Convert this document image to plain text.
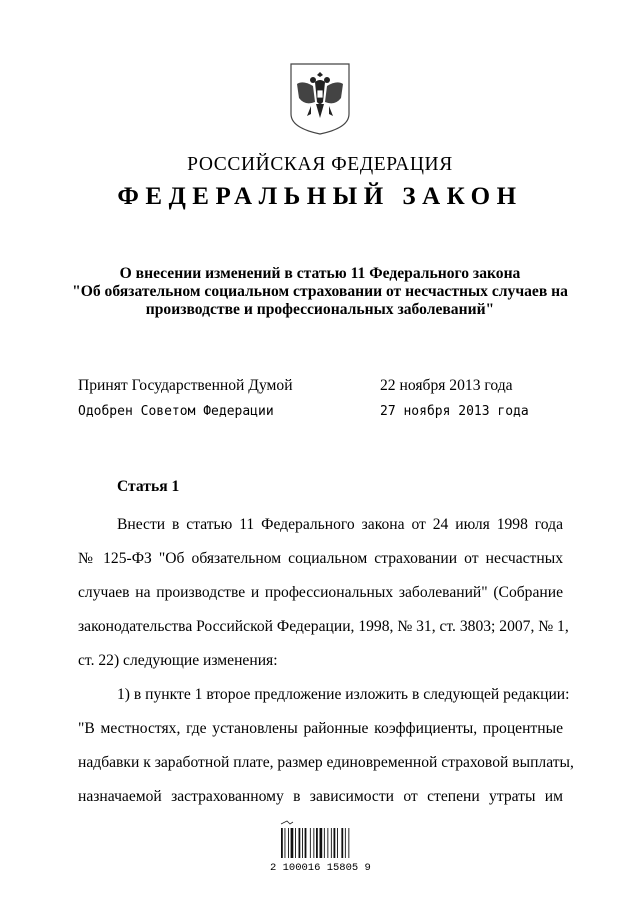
РОССИЙСКАЯ ФЕДЕРАЦИЯ
ФЕДЕРАЛЬНЫЙ ЗАКОН
О внесении изменений в статью 11 Федерального закона
"Об обязательном социальном страховании от несчастных случаев на
производстве и профессиональных заболеваний"
Принят Государственной Думой	22 ноября 2013 года
Одобрен Советом Федерации	27 ноября 2013 года
Статья 1
Внести в статью 11 Федерального закона от 24 июля 1998 года
№ 125-ФЗ "Об обязательном социальном страховании от несчастных
случаев на производстве и профессиональных заболеваний" (Собрание
законодательства Российской Федерации, 1998, № 31, ст. 3803; 2007, № 1,
ст. 22) следующие изменения:
1) в пункте 1 второе предложение изложить в следующей редакции:
"В местностях, где установлены районные коэффициенты, процентные
надбавки к заработной плате, размер единовременной страховой выплаты,
назначаемой застрахованному в зависимости от степени утраты им
2 100016 15805 9
